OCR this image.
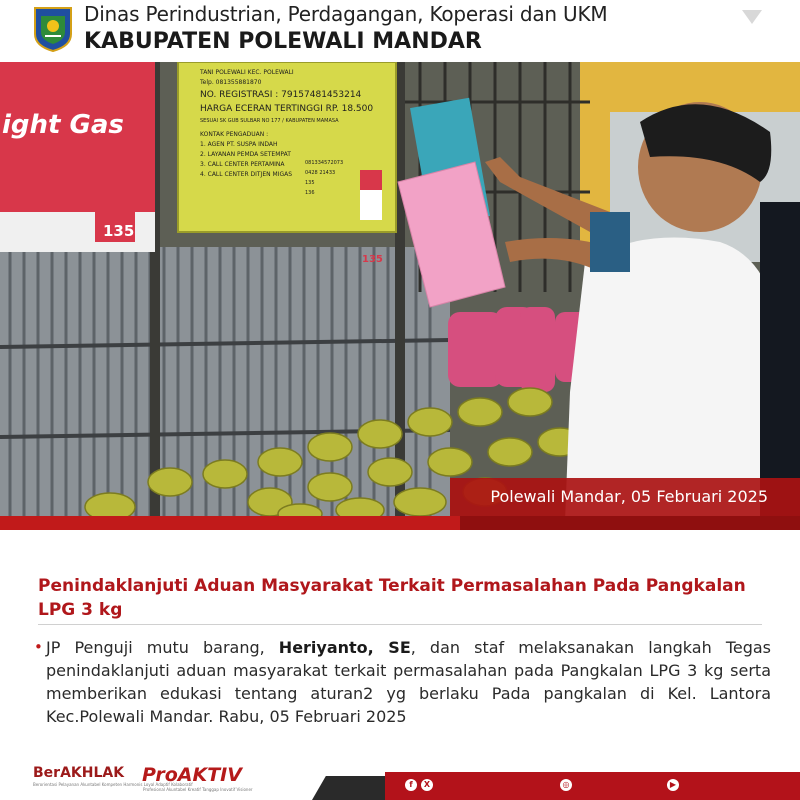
Dinas Perindustrian, Perdagangan, Koperasi dan UKM
KABUPATEN POLEWALI MANDAR
ight Gas
135
TANI POLEWALI KEC. POLEWALI
Telp. 081355881870
NO. REGISTRASI : 79157481453214
HARGA ECERAN TERTINGGI RP. 18.500
SESUAI SK GUB SULBAR NO 177 / KABUPATEN MAMASA
KONTAK PENGADUAN :
1. AGEN PT. SUSPA INDAH
2. LAYANAN PEMDA SETEMPAT
3. CALL CENTER PERTAMINA
4. CALL CENTER DITJEN MIGAS
081334572073
0428 21433
135
136
135
Polewali Mandar, 05 Februari 2025
Penindaklanjuti Aduan Masyarakat Terkait Permasalahan Pada Pangkalan LPG 3 kg
• JP Penguji mutu barang, Heriyanto, SE, dan staf melaksanakan langkah Tegas penindaklanjuti aduan masyarakat terkait permasalahan pada Pangkalan LPG 3 kg serta memberikan edukasi tentang aturan2 yg berlaku Pada pangkalan di Kel. Lantora Kec.Polewali Mandar. Rabu, 05 Februari 2025
BerAKHLAK
Berorientasi Pelayanan Akuntabel Kompeten Harmonis Loyal Adaptif Kolaboratif
ProAKTIV
Profesional Akuntabel Kreatif Tanggap Inovatif Visioner
f	X	◎	▶
